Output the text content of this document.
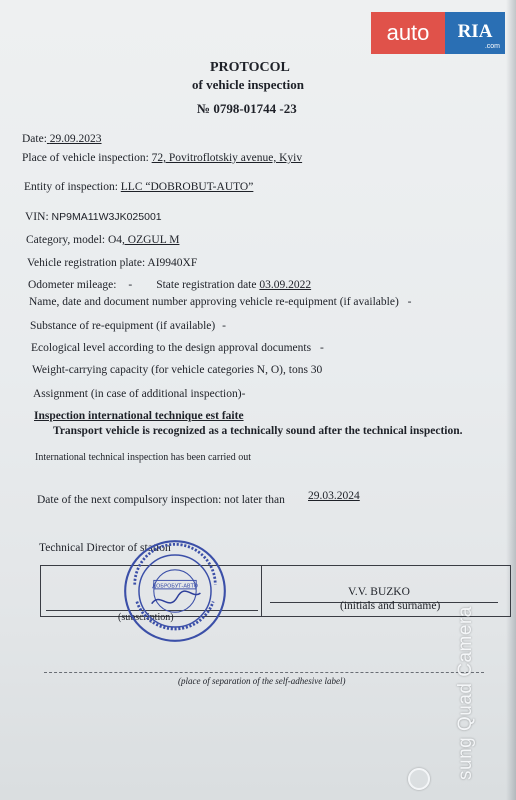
auto	RIA
.com
PROTOCOL
of vehicle inspection
№ 0798-01744 -23
Date: 29.09.2023
Place of vehicle inspection: 72, Povitroflotskiy avenue, Kyiv
Entity of inspection: LLC “DOBROBUT-AUTO”
VIN: NP9MA11W3JK025001
Category, model: O4, OZGUL M
Vehicle registration plate: AI9940XF
Odometer mileage: - State registration date 03.09.2022
Name, date and document number approving vehicle re-equipment (if available) -
Substance of re-equipment (if available) -
Ecological level according to the design approval documents -
Weight-carrying capacity (for vehicle categories N, O), tons 30
Assignment (in case of additional inspection)-
Inspection international technique est faite
Transport vehicle is recognized as a technically sound after the technical inspection.
International technical inspection has been carried out
Date of the next compulsory inspection: not later than 29.03.2024
Technical Director of station
(subscription)
V.V. BUZKO
(initials and surname)
ДОБРОБУТ-АВТО
(place of separation of the self-adhesive label)	sung Quad Camera
